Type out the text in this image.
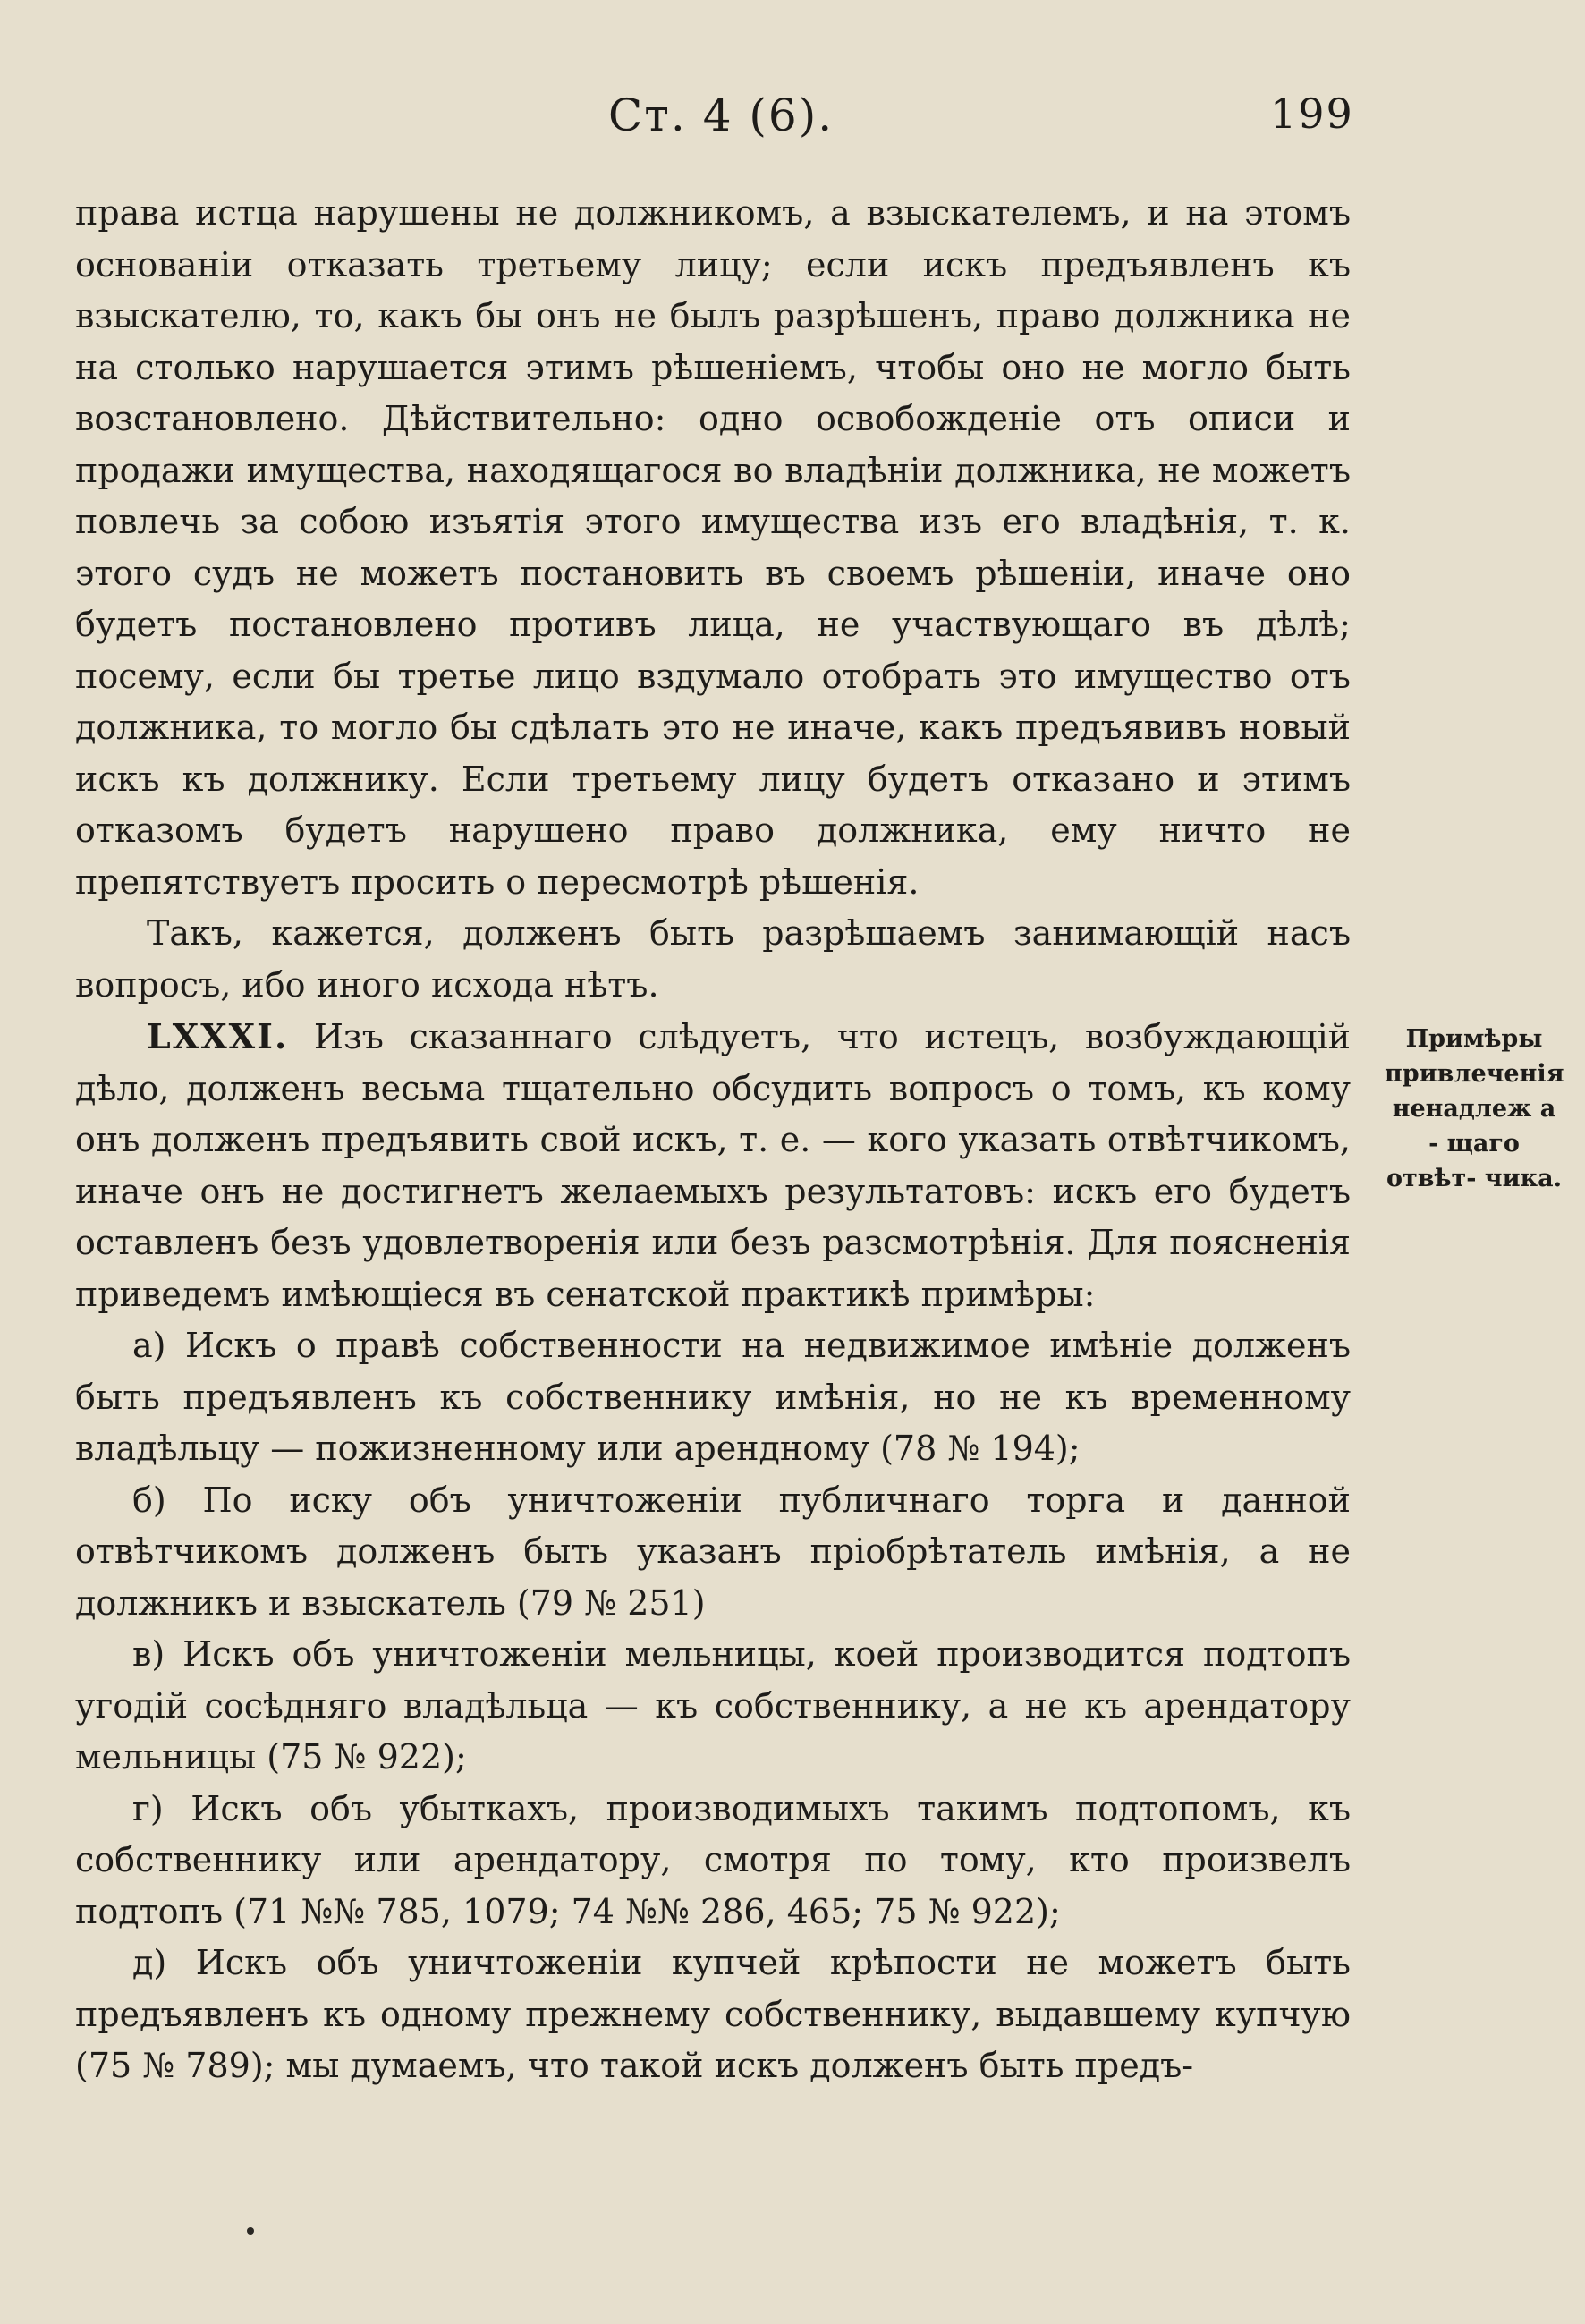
Ст. 4 (6).	199

права истца нарушены не должникомъ, а взыскателемъ, и на этомъ основаніи отказать третьему лицу; если искъ предъявленъ къ взыскателю, то, какъ бы онъ не былъ разрѣшенъ, право должника не на столько нарушается этимъ рѣшеніемъ, чтобы оно не могло быть возстановлено. Дѣйствительно: одно освобожденіе отъ описи и продажи имущества, находящагося во владѣніи должника, не можетъ повлечь за собою изъятія этого имущества изъ его владѣнія, т. к. этого судъ не можетъ постановить въ своемъ рѣшеніи, иначе оно будетъ постановлено противъ лица, не участвующаго въ дѣлѣ; посему, если бы третье лицо вздумало отобрать это имущество отъ должника, то могло бы сдѣлать это не иначе, какъ предъявивъ новый искъ къ должнику. Если третьему лицу будетъ отказано и этимъ отказомъ будетъ нарушено право должника, ему ничто не препятствуетъ просить о пересмотрѣ рѣшенія.

Такъ, кажется, долженъ быть разрѣшаемъ занимающій насъ вопросъ, ибо иного исхода нѣтъ.

LXXXI. Изъ сказаннаго слѣдуетъ, что истецъ, возбуждающій дѣло, долженъ весьма тщательно обсудить вопросъ о томъ, къ кому онъ долженъ предъявить свой искъ, т. е. — кого указать отвѣтчикомъ, иначе онъ не достигнетъ желаемыхъ результатовъ: искъ его будетъ оставленъ безъ удовлетворенія или безъ разсмотрѣнія. Для поясненія приведемъ имѣющіеся въ сенатской практикѣ примѣры:

а) Искъ о правѣ собственности на недвижимое имѣніе долженъ быть предъявленъ къ собственнику имѣнія, но не къ временному владѣльцу — пожизненному или арендному (78 № 194);

б) По иску объ уничтоженіи публичнаго торга и данной отвѣтчикомъ долженъ быть указанъ пріобрѣтатель имѣнія, а не должникъ и взыскатель (79 № 251)

в) Искъ объ уничтоженіи мельницы, коей производится подтопъ угодій сосѣдняго владѣльца — къ собственнику, а не къ арендатору мельницы (75 № 922);

г) Искъ объ убыткахъ, производимыхъ такимъ подтопомъ, къ собственнику или арендатору, смотря по тому, кто произвелъ подтопъ (71 №№ 785, 1079; 74 №№ 286, 465; 75 № 922);

д) Искъ объ уничтоженіи купчей крѣпости не можетъ быть предъявленъ къ одному прежнему собственнику, выдавшему купчую (75 № 789); мы думаемъ, что такой искъ долженъ быть предъ-

Примѣры привлеченія ненадлеж а - щаго отвѣт- чика.
